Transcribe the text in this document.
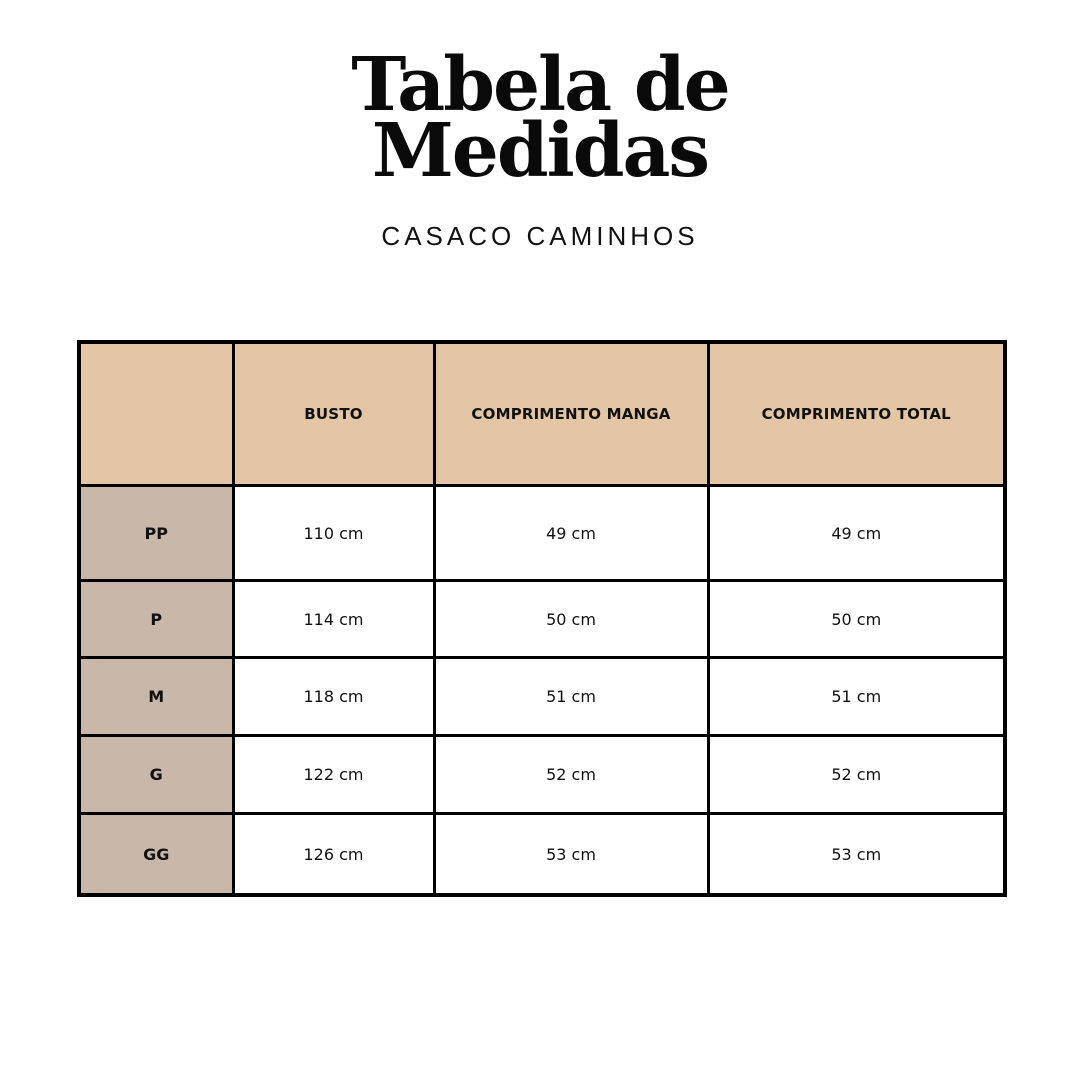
Tabela de
Medidas
CASACO CAMINHOS
	BUSTO	COMPRIMENTO MANGA	COMPRIMENTO TOTAL
PP	110 cm	49 cm	49 cm
P	114 cm	50 cm	50 cm
M	118 cm	51 cm	51 cm
G	122 cm	52 cm	52 cm
GG	126 cm	53 cm	53 cm
